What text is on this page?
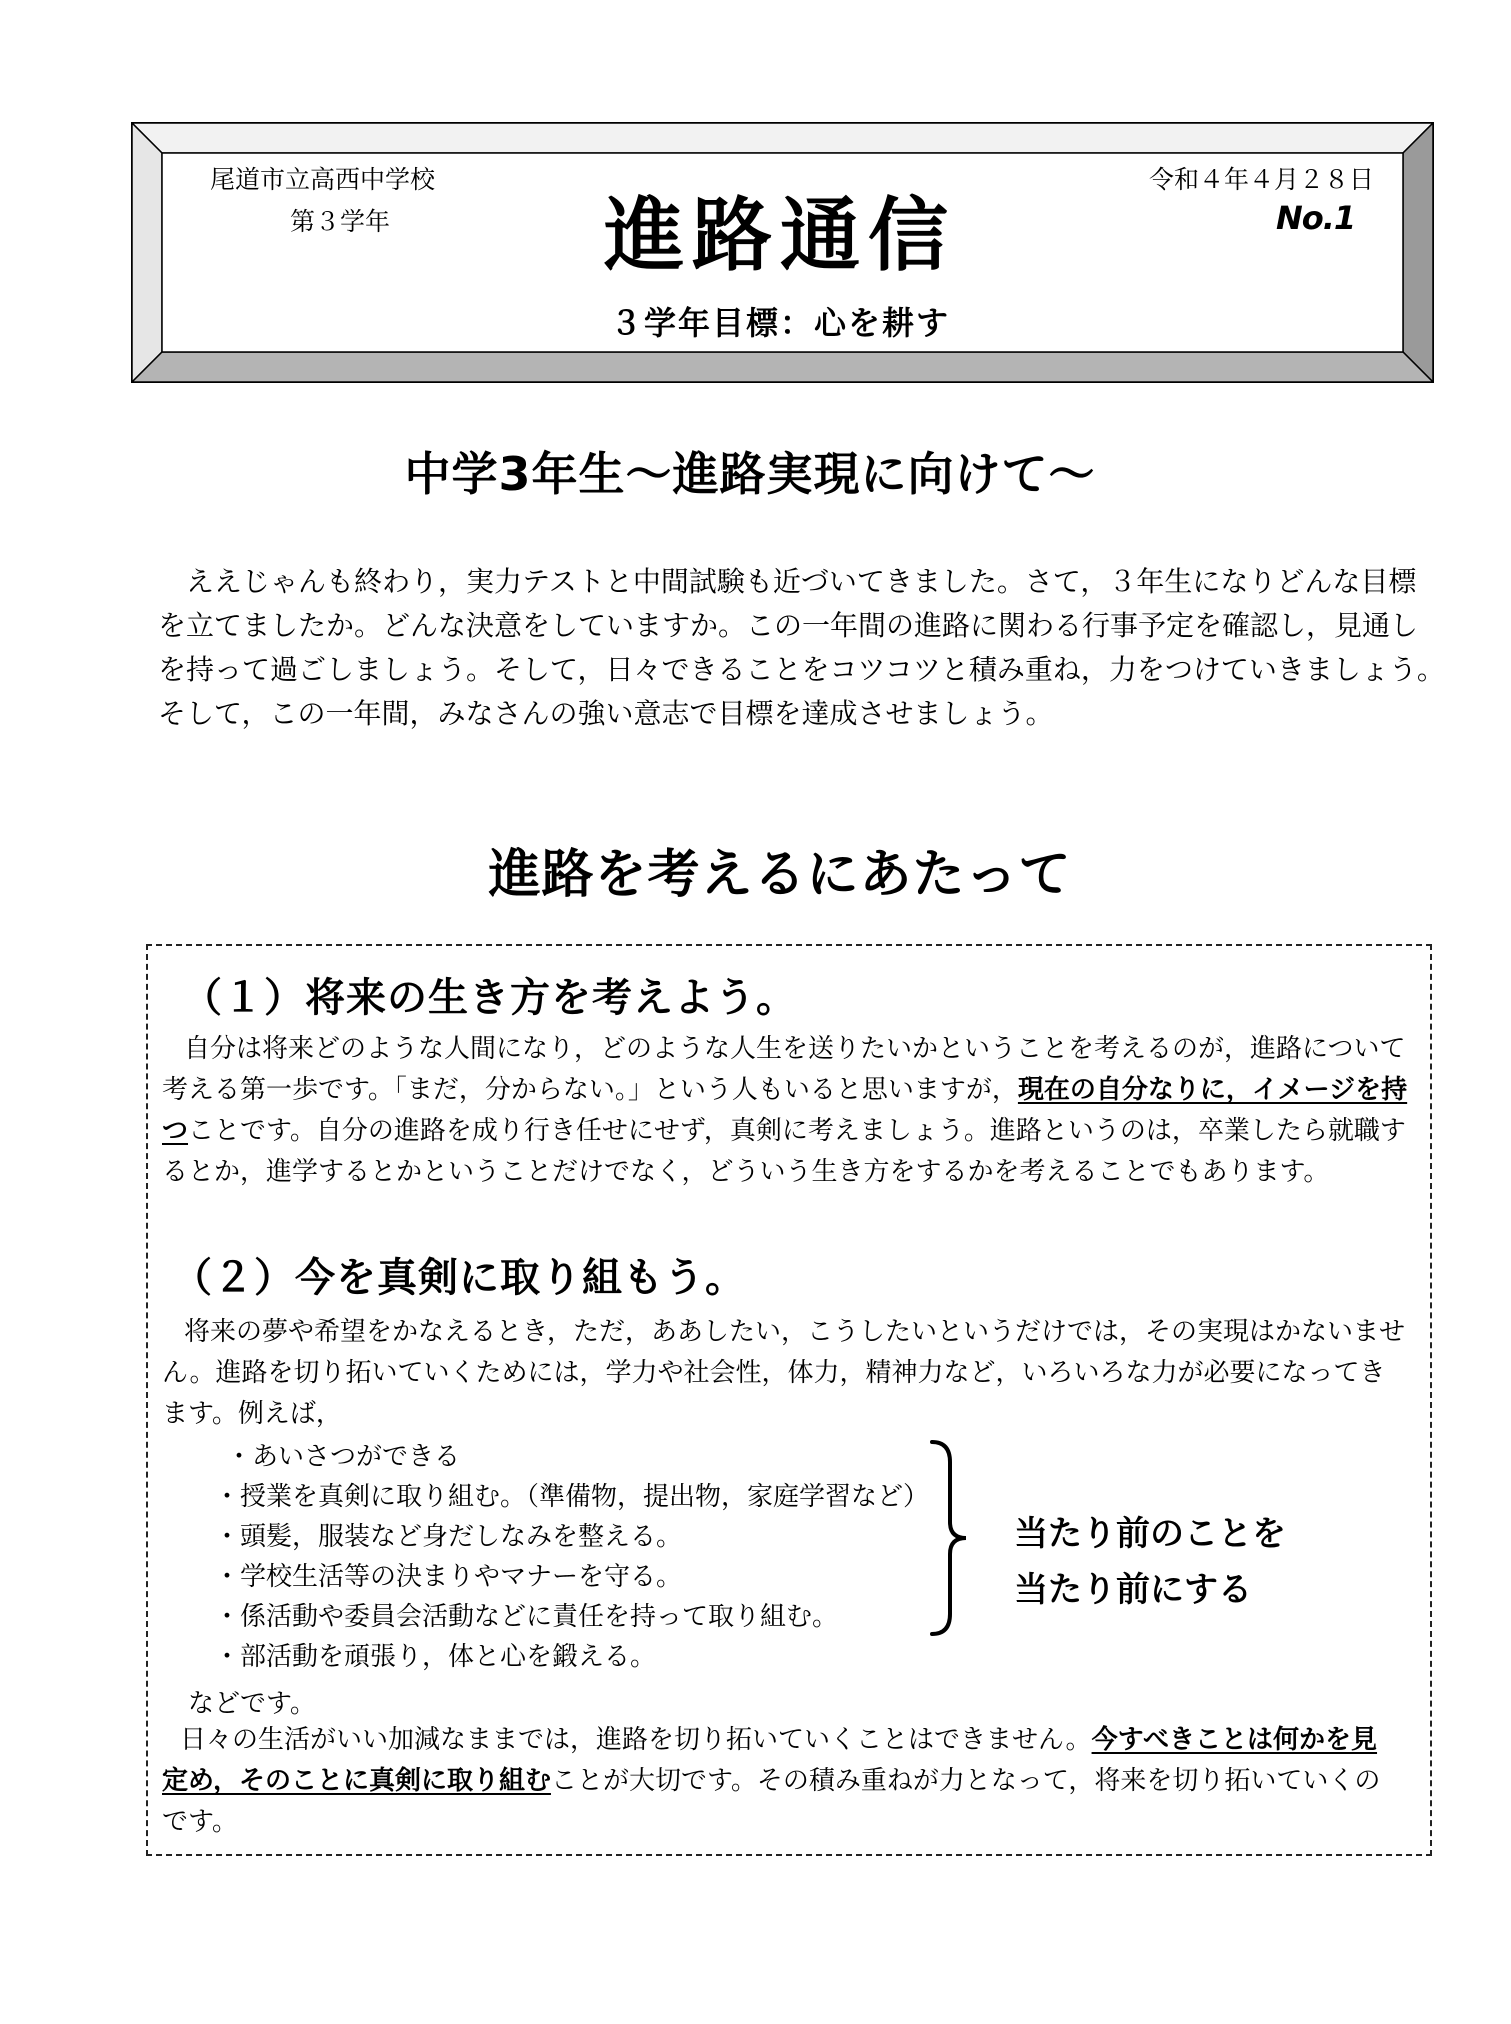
尾道市立高西中学校
第３学年	進路通信
令和４年４月２８日
No.1
３学年目標：心を耕す
中学3年生～進路実現に向けて～
ええじゃんも終わり，実力テストと中間試験も近づいてきました。さて，３年生になりどんな目標
を立てましたか。どんな決意をしていますか。この一年間の進路に関わる行事予定を確認し，見通し
を持って過ごしましょう。そして，日々できることをコツコツと積み重ね，力をつけていきましょう。
そして，この一年間，みなさんの強い意志で目標を達成させましょう。
進路を考えるにあたって
（１）将来の生き方を考えよう。
自分は将来どのような人間になり，どのような人生を送りたいかということを考えるのが，進路について
考える第一歩です。「まだ，分からない。」という人もいると思いますが，現在の自分なりに，イメージを持
つことです。自分の進路を成り行き任せにせず，真剣に考えましょう。進路というのは，卒業したら就職す
るとか，進学するとかということだけでなく，どういう生き方をするかを考えることでもあります。
（２）今を真剣に取り組もう。
将来の夢や希望をかなえるとき，ただ，ああしたい，こうしたいというだけでは，その実現はかないませ
ん。進路を切り拓いていくためには，学力や社会性，体力，精神力など，いろいろな力が必要になってき
ます。例えば，
・あいさつができる
・授業を真剣に取り組む。（準備物，提出物，家庭学習など）
・頭髪，服装など身だしなみを整える。
・学校生活等の決まりやマナーを守る。
・係活動や委員会活動などに責任を持って取り組む。
・部活動を頑張り，体と心を鍛える。
当たり前のことを
当たり前にする
などです。
日々の生活がいい加減なままでは，進路を切り拓いていくことはできません。今すべきことは何かを見
定め，そのことに真剣に取り組むことが大切です。その積み重ねが力となって，将来を切り拓いていくの
です。
